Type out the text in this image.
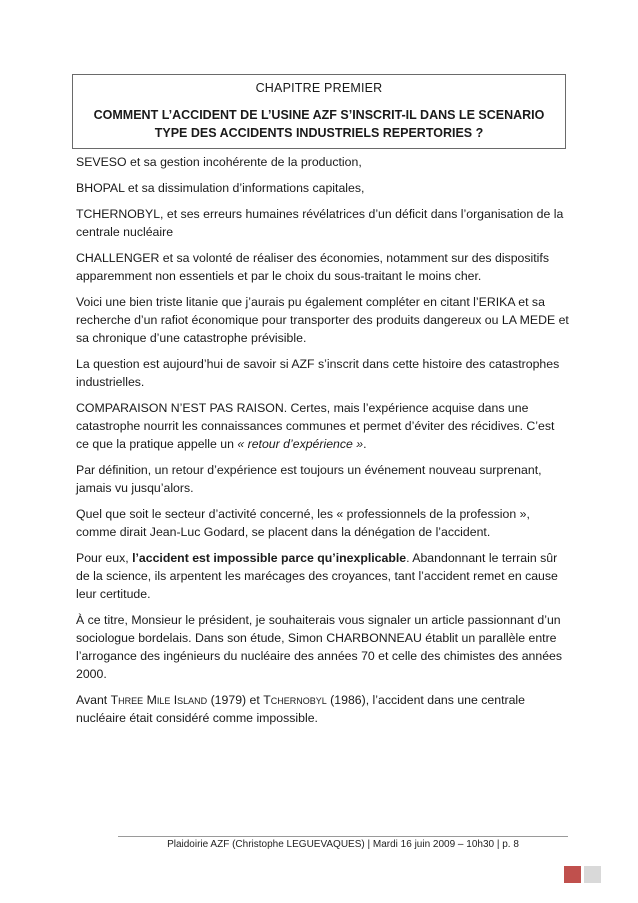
CHAPITRE PREMIER
COMMENT L’ACCIDENT DE L’USINE AZF S’INSCRIT-IL DANS LE SCENARIO TYPE DES ACCIDENTS INDUSTRIELS REPERTORIES ?

SEVESO et sa gestion incohérente de la production,

BHOPAL et sa dissimulation d’informations capitales,

TCHERNOBYL, et ses erreurs humaines révélatrices d’un déficit dans l’organisation de la centrale nucléaire

CHALLENGER et sa volonté de réaliser des économies, notamment sur des dispositifs apparemment non essentiels et par le choix du sous-traitant le moins cher.

Voici une bien triste litanie que j’aurais pu également compléter en citant l’ERIKA et sa recherche d’un rafiot économique pour transporter des produits dangereux ou LA MEDE et sa chronique d’une catastrophe prévisible.

La question est aujourd’hui de savoir si AZF s’inscrit dans cette histoire des catastrophes industrielles.

COMPARAISON N’EST PAS RAISON. Certes, mais l’expérience acquise dans une catastrophe nourrit les connaissances communes et permet d’éviter des récidives. C’est ce que la pratique appelle un « retour d’expérience ».

Par définition, un retour d’expérience est toujours un événement nouveau surprenant, jamais vu jusqu’alors.

Quel que soit le secteur d’activité concerné, les « professionnels de la profession », comme dirait Jean-Luc Godard, se placent dans la dénégation de l’accident.

Pour eux, l’accident est impossible parce qu’inexplicable. Abandonnant le terrain sûr de la science, ils arpentent les marécages des croyances, tant l’accident remet en cause leur certitude.

À ce titre, Monsieur le président, je souhaiterais vous signaler un article passionnant d’un sociologue bordelais. Dans son étude, Simon CHARBONNEAU établit un parallèle entre l’arrogance des ingénieurs du nucléaire des années 70 et celle des chimistes des années 2000.

Avant Three Mile Island (1979) et Tchernobyl (1986), l’accident dans une centrale nucléaire était considéré comme impossible.

Plaidoirie AZF (Christophe LEGUEVAQUES) | Mardi 16 juin 2009 – 10h30 | p. 8
